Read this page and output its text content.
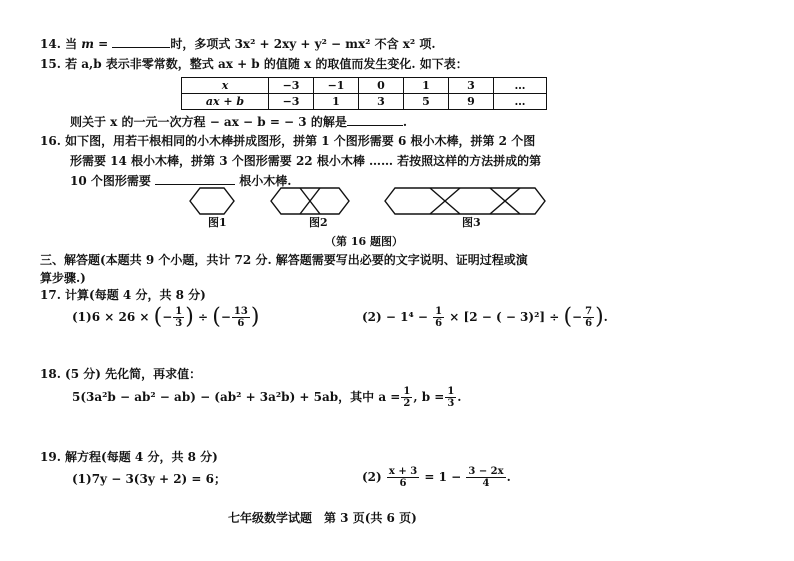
14. 当 m =	时，多项式 3x² + 2xy + y² − mx² 不含 x² 项.
15. 若 a,b 表示非零常数，整式 ax + b 的值随 x 的取值而发生变化. 如下表：
x	−3	−1	0	1	3	…
ax + b	−3	1	3	5	9	…
则关于 x 的一元一次方程 − ax − b = − 3 的解是	.
16. 如下图，用若干根相同的小木棒拼成图形，拼第 1 个图形需要 6 根小木棒，拼第 2 个图
形需要 14 根小木棒，拼第 3 个图形需要 22 根小木棒 …… 若按照这样的方法拼成的第
10 个图形需要	根小木棒.
图1	图2	图3
（第 16 题图）
三、解答题(本题共 9 个小题，共计 72 分. 解答题需要写出必要的文字说明、证明过程或演
算步骤.)
17. 计算(每题 4 分，共 8 分)
(1)6 × 26 × (− $\frac{1}{3}$ ) ÷ (− $\frac{13}{6}$ )	$(2) - 1^4 - \frac{1}{6} \times [2$ − ( − 3)²] ÷ (− $\frac{7}{6}$ ).
18. (5 分) 先化简，再求值：
5(3a²b − ab² − ab) − (ab² + 3a²b) + 5ab，其中 $a = \frac{1}{2}$ , $b = \frac{1}{3}$ .
19. 解方程(每题 4 分，共 8 分)
(1)7y − 3(3y + 2) = 6；	$(2) \frac{x + 3}{6} = 1 - \frac{3 - 2x}{4}$ .
七年级数学试题　第 3 页(共 6 页)
